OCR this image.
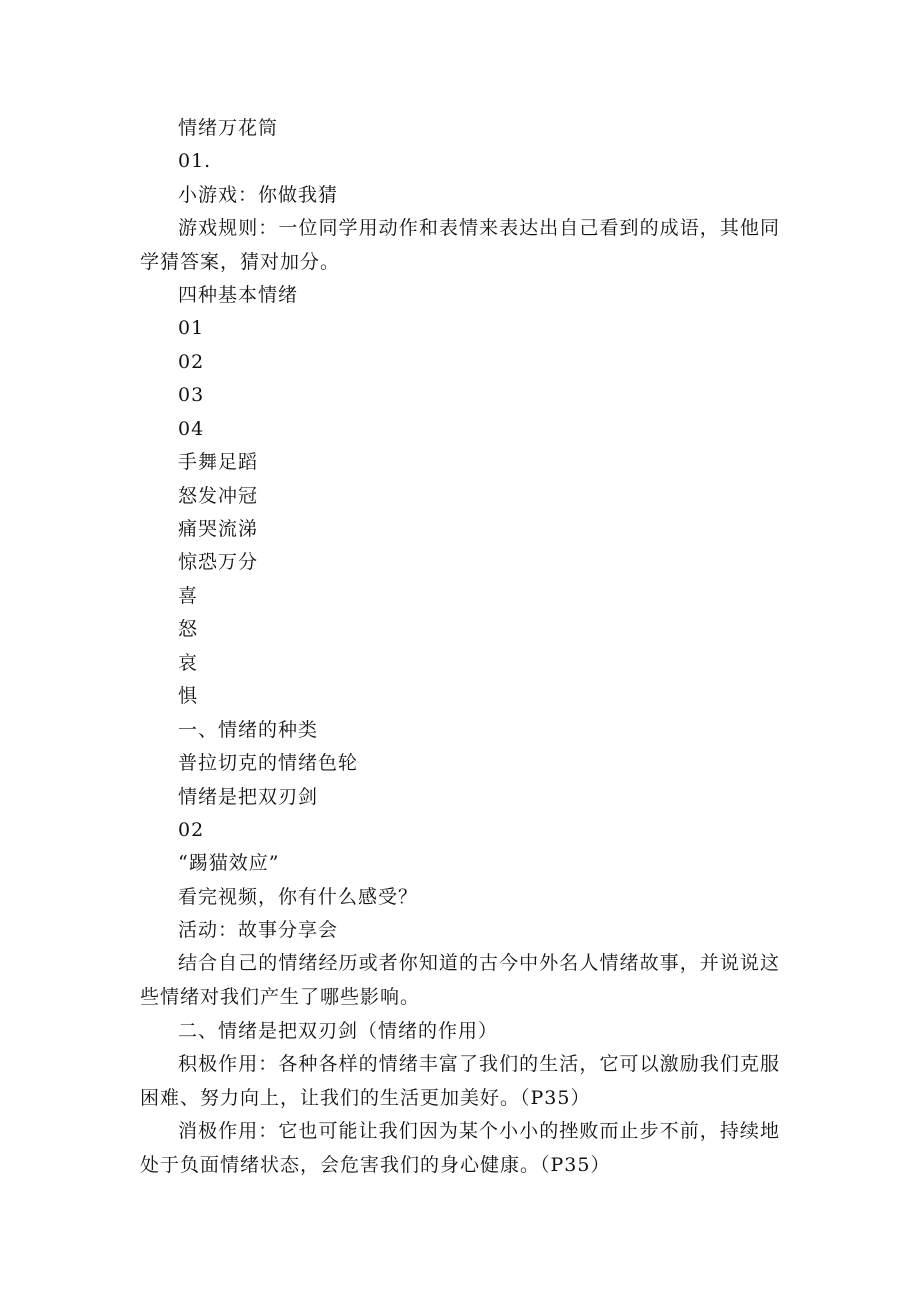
情绪万花筒
01.
小游戏：你做我猜
游戏规则：一位同学用动作和表情来表达出自己看到的成语，其他同学猜答案，猜对加分。
四种基本情绪
01
02
03
04
手舞足蹈
怒发冲冠
痛哭流涕
惊恐万分
喜
怒
哀
惧
一、情绪的种类
普拉切克的情绪色轮
情绪是把双刃剑
02
“踢猫效应”
看完视频，你有什么感受？
活动：故事分享会
结合自己的情绪经历或者你知道的古今中外名人情绪故事，并说说这些情绪对我们产生了哪些影响。
二、情绪是把双刃剑（情绪的作用）
积极作用：各种各样的情绪丰富了我们的生活，它可以激励我们克服困难、努力向上，让我们的生活更加美好。（P35）
消极作用：它也可能让我们因为某个小小的挫败而止步不前，持续地处于负面情绪状态，会危害我们的身心健康。（P35）
